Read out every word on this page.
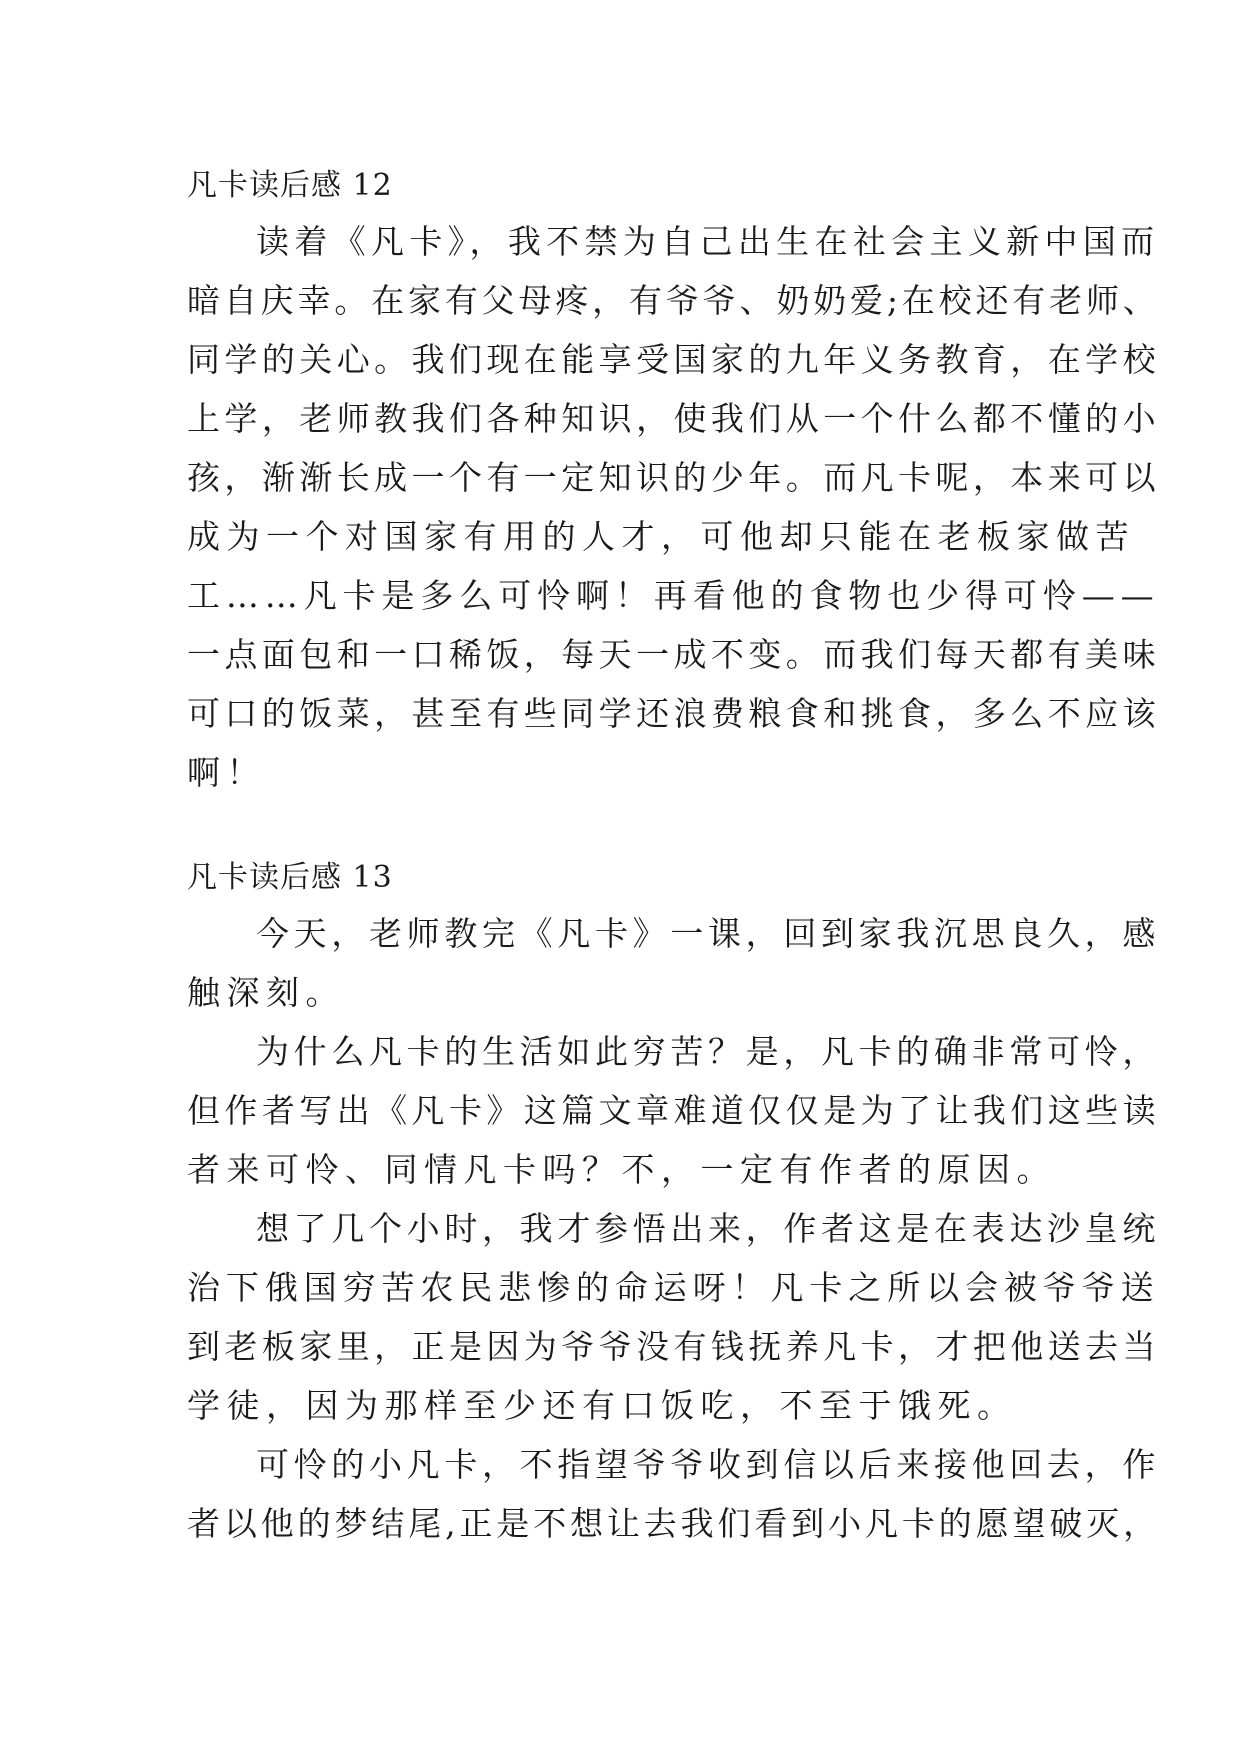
凡卡读后感 12
读着《凡卡》，我不禁为自己出生在社会主义新中国而
暗自庆幸。在家有父母疼，有爷爷、奶奶爱;在校还有老师、
同学的关心。我们现在能享受国家的九年义务教育，在学校
上学，老师教我们各种知识，使我们从一个什么都不懂的小
孩，渐渐长成一个有一定知识的少年。而凡卡呢，本来可以
成为一个对国家有用的人才，可他却只能在老板家做苦
工……凡卡是多么可怜啊！再看他的食物也少得可怜——
一点面包和一口稀饭，每天一成不变。而我们每天都有美味
可口的饭菜，甚至有些同学还浪费粮食和挑食，多么不应该
啊！
凡卡读后感 13
今天，老师教完《凡卡》一课，回到家我沉思良久，感
触深刻。
为什么凡卡的生活如此穷苦？是，凡卡的确非常可怜，
但作者写出《凡卡》这篇文章难道仅仅是为了让我们这些读
者来可怜、同情凡卡吗？不，一定有作者的原因。
想了几个小时，我才参悟出来，作者这是在表达沙皇统
治下俄国穷苦农民悲惨的命运呀！凡卡之所以会被爷爷送
到老板家里，正是因为爷爷没有钱抚养凡卡，才把他送去当
学徒，因为那样至少还有口饭吃，不至于饿死。
可怜的小凡卡，不指望爷爷收到信以后来接他回去，作
者以他的梦结尾,正是不想让去我们看到小凡卡的愿望破灭，
